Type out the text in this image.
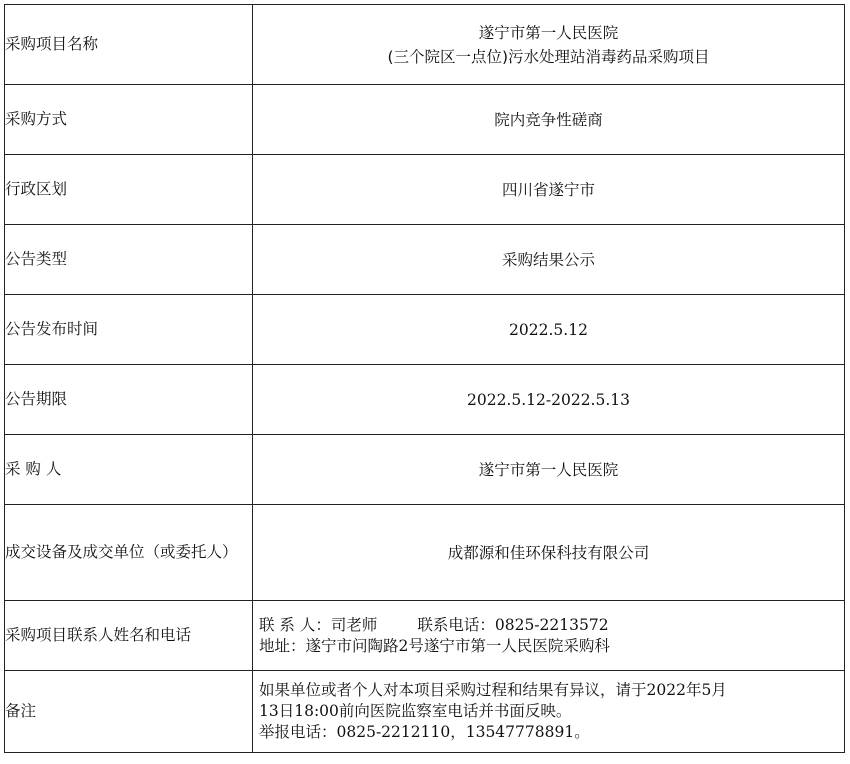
采购项目名称	遂宁市第一人民医院
(三个院区一点位)污水处理站消毒药品采购项目

采购方式	院内竞争性磋商
行政区划	四川省遂宁市
公告类型	采购结果公示
公告发布时间	2022.5.12
公告期限	2022.5.12-2022.5.13
采 购 人	遂宁市第一人民医院
成交设备及成交单位（或委托人）	成都源和佳环保科技有限公司
采购项目联系人姓名和电话	联 系 人：司老师 联系电话：0825-2213572
地址：遂宁市问陶路2号遂宁市第一人民医院采购科

备注	如果单位或者个人对本项目采购过程和结果有异议，请于2022年5月
13日18:00前向医院监察室电话并书面反映。
举报电话：0825-2212110，13547778891。
